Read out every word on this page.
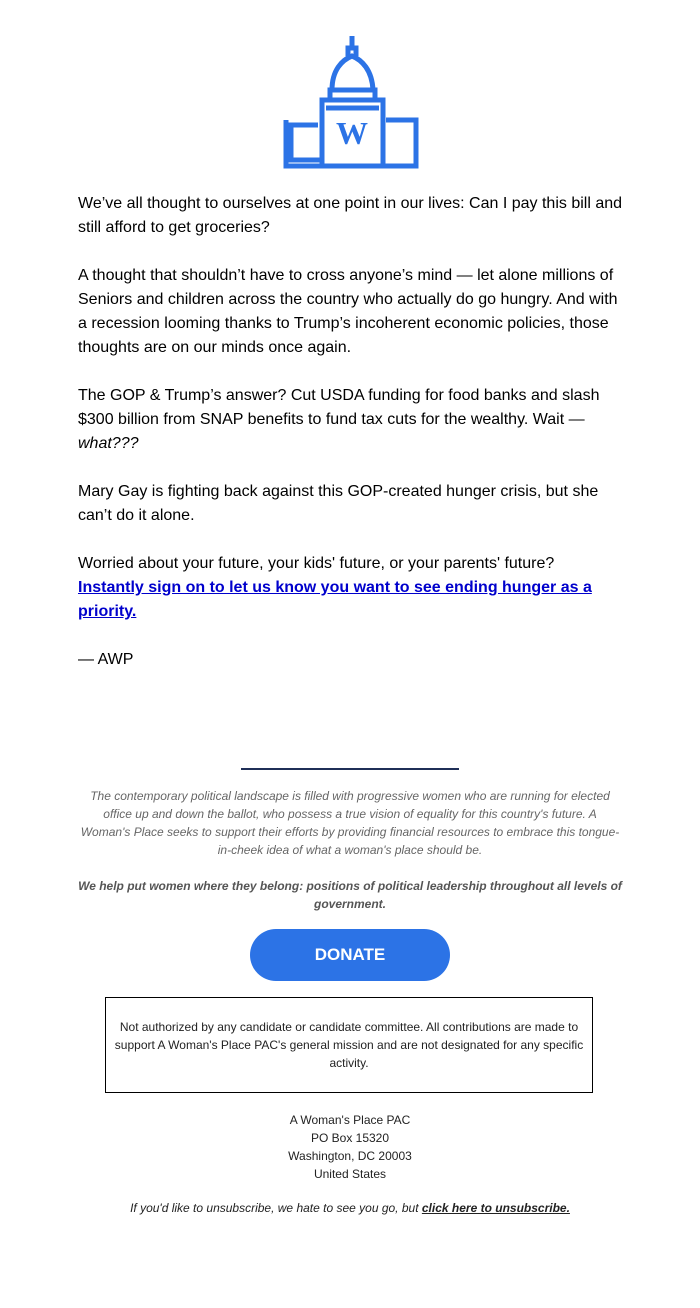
W

We’ve all thought to ourselves at one point in our lives: Can I pay this bill and still afford to get groceries?

A thought that shouldn’t have to cross anyone’s mind — let alone millions of Seniors and children across the country who actually do go hungry. And with a recession looming thanks to Trump’s incoherent economic policies, those thoughts are on our minds once again.

The GOP & Trump’s answer? Cut USDA funding for food banks and slash $300 billion from SNAP benefits to fund tax cuts for the wealthy. Wait — what???

Mary Gay is fighting back against this GOP-created hunger crisis, but she can’t do it alone.

Worried about your future, your kids' future, or your parents' future?
Instantly sign on to let us know you want to see ending hunger as a priority.

— AWP

The contemporary political landscape is filled with progressive women who are running for elected office up and down the ballot, who possess a true vision of equality for this country's future. A Woman's Place seeks to support their efforts by providing financial resources to embrace this tongue-in-cheek idea of what a woman's place should be.

We help put women where they belong: positions of political leadership throughout all levels of government.

DONATE
Not authorized by any candidate or candidate committee. All contributions are made to support A Woman's Place PAC's general mission and are not designated for any specific activity.
A Woman's Place PAC
PO Box 15320
Washington, DC 20003
United States
If you'd like to unsubscribe, we hate to see you go, but click here to unsubscribe.
